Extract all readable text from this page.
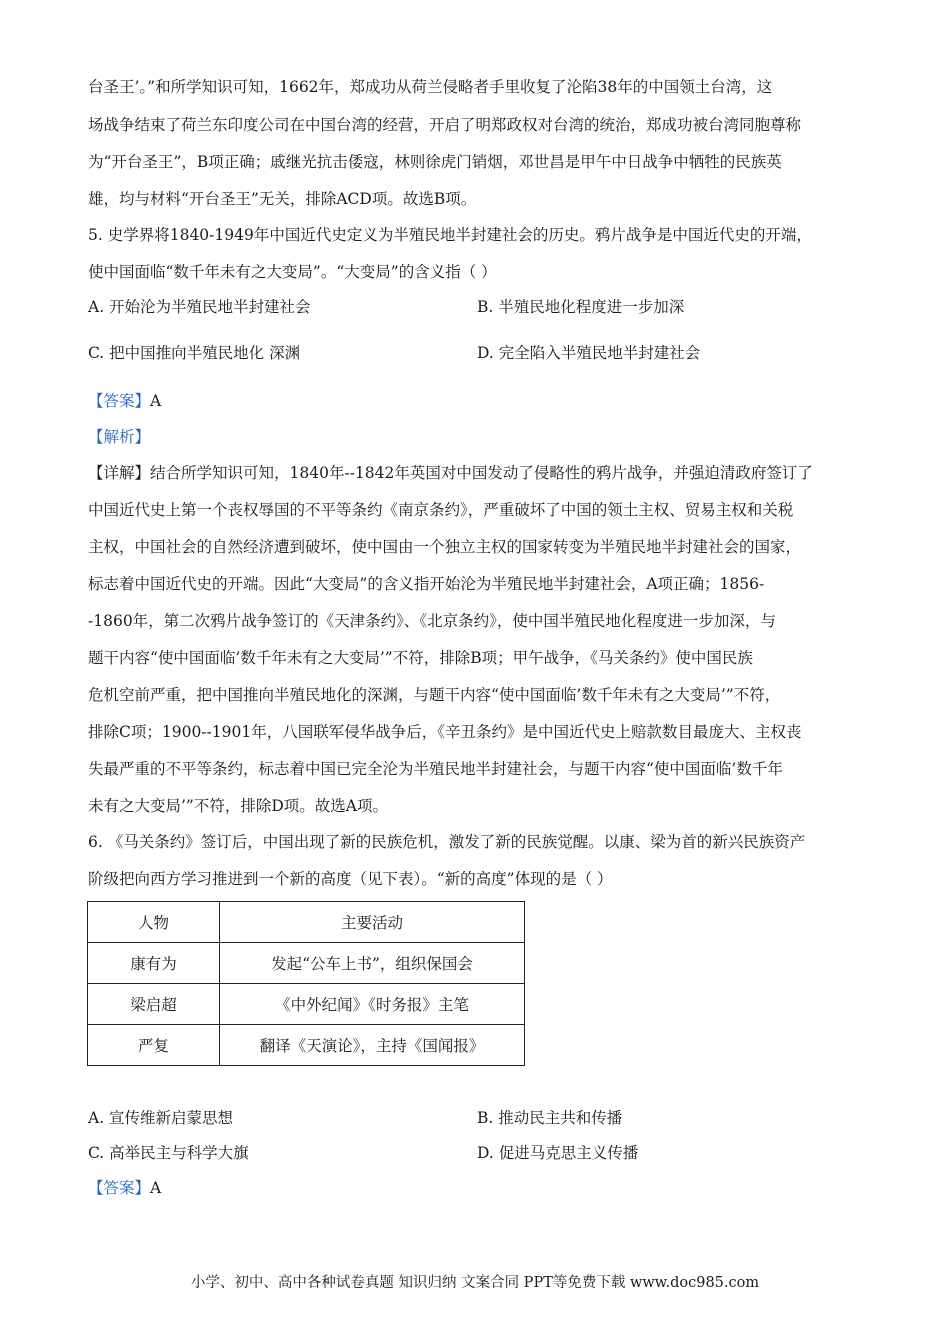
台圣王’。”和所学知识可知，1662年，郑成功从荷兰侵略者手里收复了沦陷38年的中国领土台湾，这
场战争结束了荷兰东印度公司在中国台湾的经营，开启了明郑政权对台湾的统治，郑成功被台湾同胞尊称
为“开台圣王”，B项正确；戚继光抗击倭寇，林则徐虎门销烟，邓世昌是甲午中日战争中牺牲的民族英
雄，均与材料“开台圣王”无关，排除ACD项。故选B项。
5. 史学界将1840-1949年中国近代史定义为半殖民地半封建社会的历史。鸦片战争是中国近代史的开端，
使中国面临“数千年未有之大变局”。“大变局”的含义指（ ）
A. 开始沦为半殖民地半封建社会	B. 半殖民地化程度进一步加深
C. 把中国推向半殖民地化 深渊	D. 完全陷入半殖民地半封建社会
【答案】A
【解析】
【详解】结合所学知识可知，1840年--1842年英国对中国发动了侵略性的鸦片战争，并强迫清政府签订了
中国近代史上第一个丧权辱国的不平等条约《南京条约》，严重破坏了中国的领土主权、贸易主权和关税
主权，中国社会的自然经济遭到破坏，使中国由一个独立主权的国家转变为半殖民地半封建社会的国家，
标志着中国近代史的开端。因此“大变局”的含义指开始沦为半殖民地半封建社会，A项正确；1856-
-1860年，第二次鸦片战争签订的《天津条约》、《北京条约》，使中国半殖民地化程度进一步加深，与
题干内容“使中国面临’数千年未有之大变局’”不符，排除B项；甲午战争，《马关条约》使中国民族
危机空前严重，把中国推向半殖民地化的深渊，与题干内容“使中国面临’数千年未有之大变局’”不符，
排除C项；1900--1901年，八国联军侵华战争后，《辛丑条约》是中国近代史上赔款数目最庞大、主权丧
失最严重的不平等条约，标志着中国已完全沦为半殖民地半封建社会，与题干内容“使中国面临’数千年
未有之大变局’”不符，排除D项。故选A项。
6. 《马关条约》签订后，中国出现了新的民族危机，激发了新的民族觉醒。以康、梁为首的新兴民族资产
阶级把向西方学习推进到一个新的高度（见下表）。“新的高度”体现的是（ ）
人物	主要活动
康有为	发起“公车上书”，组织保国会
梁启超	《中外纪闻》《时务报》主笔
严复	翻译《天演论》，主持《国闻报》
A. 宣传维新启蒙思想	B. 推动民主共和传播
C. 高举民主与科学大旗	D. 促进马克思主义传播
【答案】A
小学、初中、高中各种试卷真题 知识归纳 文案合同 PPT等免费下载 www.doc985.com
